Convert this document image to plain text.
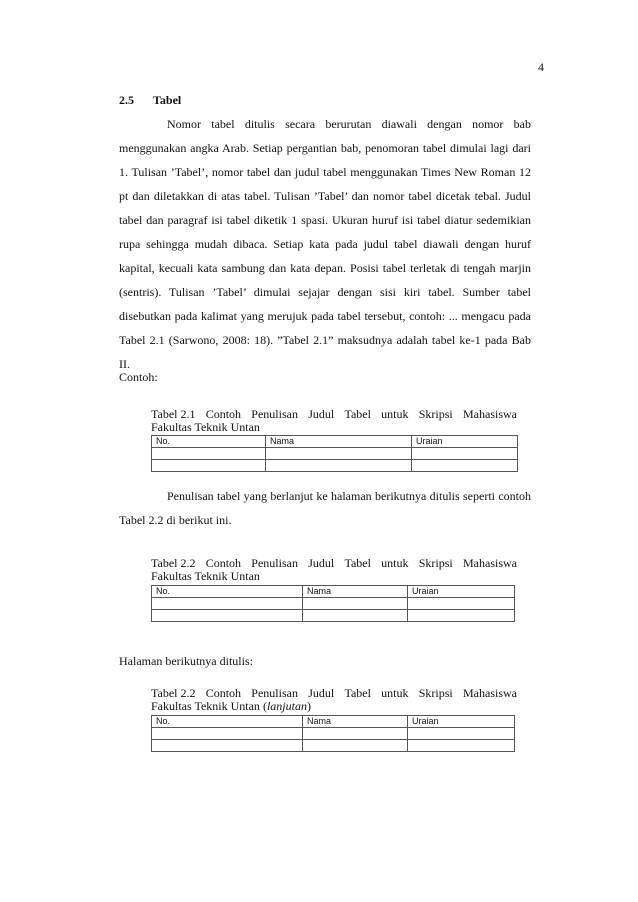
4
2.5 Tabel
Nomor tabel ditulis secara berurutan diawali dengan nomor bab menggunakan angka Arab. Setiap pergantian bab, penomoran tabel dimulai lagi dari 1. Tulisan ’Tabel’, nomor tabel dan judul tabel menggunakan Times New Roman 12 pt dan diletakkan di atas tabel. Tulisan ’Tabel’ dan nomor tabel dicetak tebal. Judul tabel dan paragraf isi tabel diketik 1 spasi. Ukuran huruf isi tabel diatur sedemikian rupa sehingga mudah dibaca. Setiap kata pada judul tabel diawali dengan huruf kapital, kecuali kata sambung dan kata depan. Posisi tabel terletak di tengah marjin (sentris). Tulisan ’Tabel’ dimulai sejajar dengan sisi kiri tabel. Sumber tabel disebutkan pada kalimat yang merujuk pada tabel tersebut, contoh: ... mengacu pada Tabel 2.1 (Sarwono, 2008: 18). ”Tabel 2.1” maksudnya adalah tabel ke-1 pada Bab II.
Contoh:
Tabel 2.1 Contoh Penulisan Judul Tabel untuk Skripsi Mahasiswa
Fakultas Teknik Untan
No.	Nama	Uraian

Penulisan tabel yang berlanjut ke halaman berikutnya ditulis seperti contoh Tabel 2.2 di berikut ini.
Tabel 2.2 Contoh Penulisan Judul Tabel untuk Skripsi Mahasiswa
Fakultas Teknik Untan
No.	Nama	Uraian

Halaman berikutnya ditulis:
Tabel 2.2 Contoh Penulisan Judul Tabel untuk Skripsi Mahasiswa
Fakultas Teknik Untan (lanjutan)
No.	Nama	Uraian
